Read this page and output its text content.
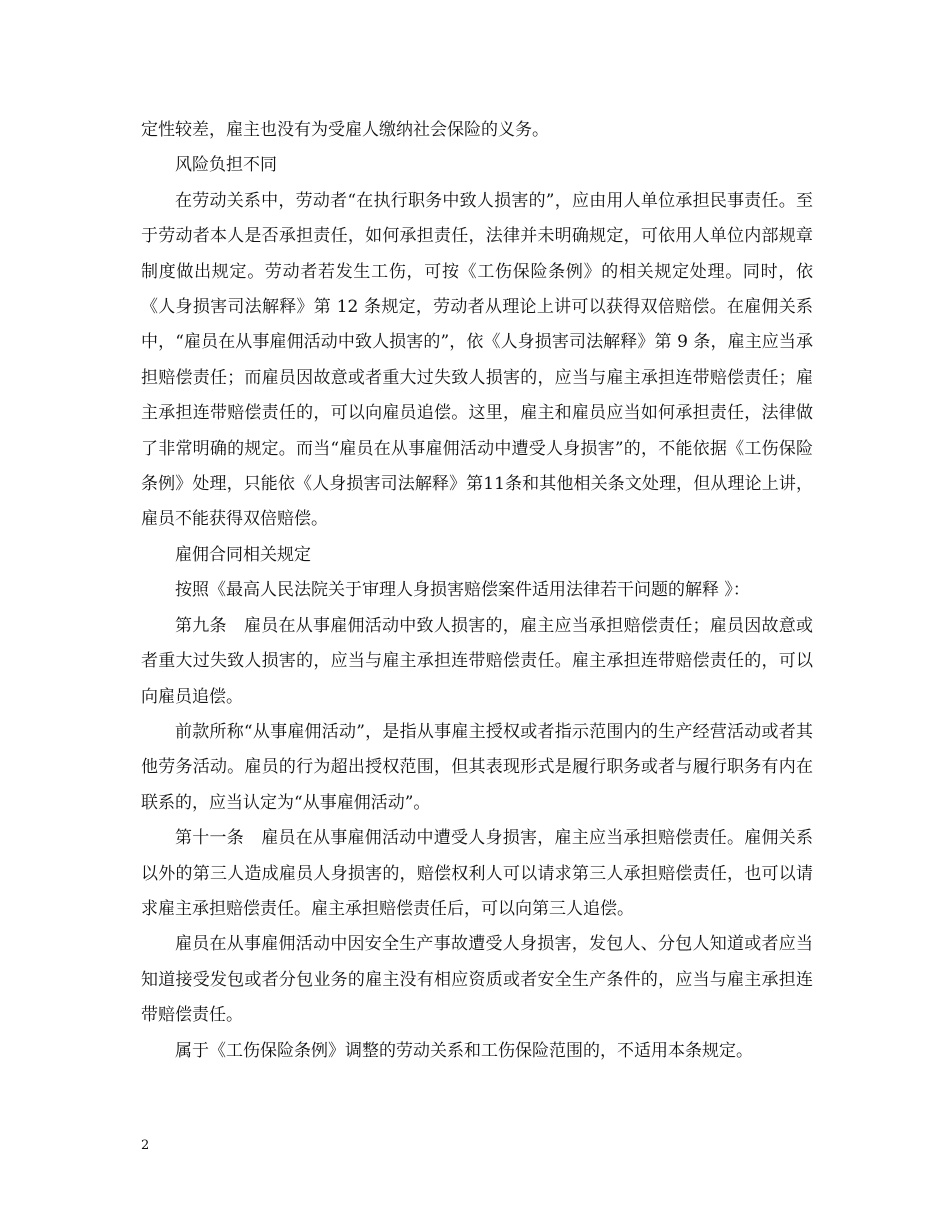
定性较差，雇主也没有为受雇人缴纳社会保险的义务。

风险负担不同

在劳动关系中，劳动者“在执行职务中致人损害的”，应由用人单位承担民事责任。至于劳动者本人是否承担责任，如何承担责任，法律并未明确规定，可依用人单位内部规章制度做出规定。劳动者若发生工伤，可按《工伤保险条例》的相关规定处理。同时，依《人身损害司法解释》第 12 条规定，劳动者从理论上讲可以获得双倍赔偿。在雇佣关系中，“雇员在从事雇佣活动中致人损害的”，依《人身损害司法解释》第 9 条，雇主应当承担赔偿责任；而雇员因故意或者重大过失致人损害的，应当与雇主承担连带赔偿责任；雇主承担连带赔偿责任的，可以向雇员追偿。这里，雇主和雇员应当如何承担责任，法律做了非常明确的规定。而当“雇员在从事雇佣活动中遭受人身损害”的，不能依据《工伤保险条例》处理，只能依《人身损害司法解释》第11条和其他相关条文处理，但从理论上讲，雇员不能获得双倍赔偿。

雇佣合同相关规定

按照《最高人民法院关于审理人身损害赔偿案件适用法律若干问题的解释 》：

第九条　雇员在从事雇佣活动中致人损害的，雇主应当承担赔偿责任；雇员因故意或者重大过失致人损害的，应当与雇主承担连带赔偿责任。雇主承担连带赔偿责任的，可以向雇员追偿。

前款所称“从事雇佣活动”，是指从事雇主授权或者指示范围内的生产经营活动或者其他劳务活动。雇员的行为超出授权范围，但其表现形式是履行职务或者与履行职务有内在联系的，应当认定为“从事雇佣活动”。

第十一条　雇员在从事雇佣活动中遭受人身损害，雇主应当承担赔偿责任。雇佣关系以外的第三人造成雇员人身损害的，赔偿权利人可以请求第三人承担赔偿责任，也可以请求雇主承担赔偿责任。雇主承担赔偿责任后，可以向第三人追偿。

雇员在从事雇佣活动中因安全生产事故遭受人身损害，发包人、分包人知道或者应当知道接受发包或者分包业务的雇主没有相应资质或者安全生产条件的，应当与雇主承担连带赔偿责任。

属于《工伤保险条例》调整的劳动关系和工伤保险范围的，不适用本条规定。

2
